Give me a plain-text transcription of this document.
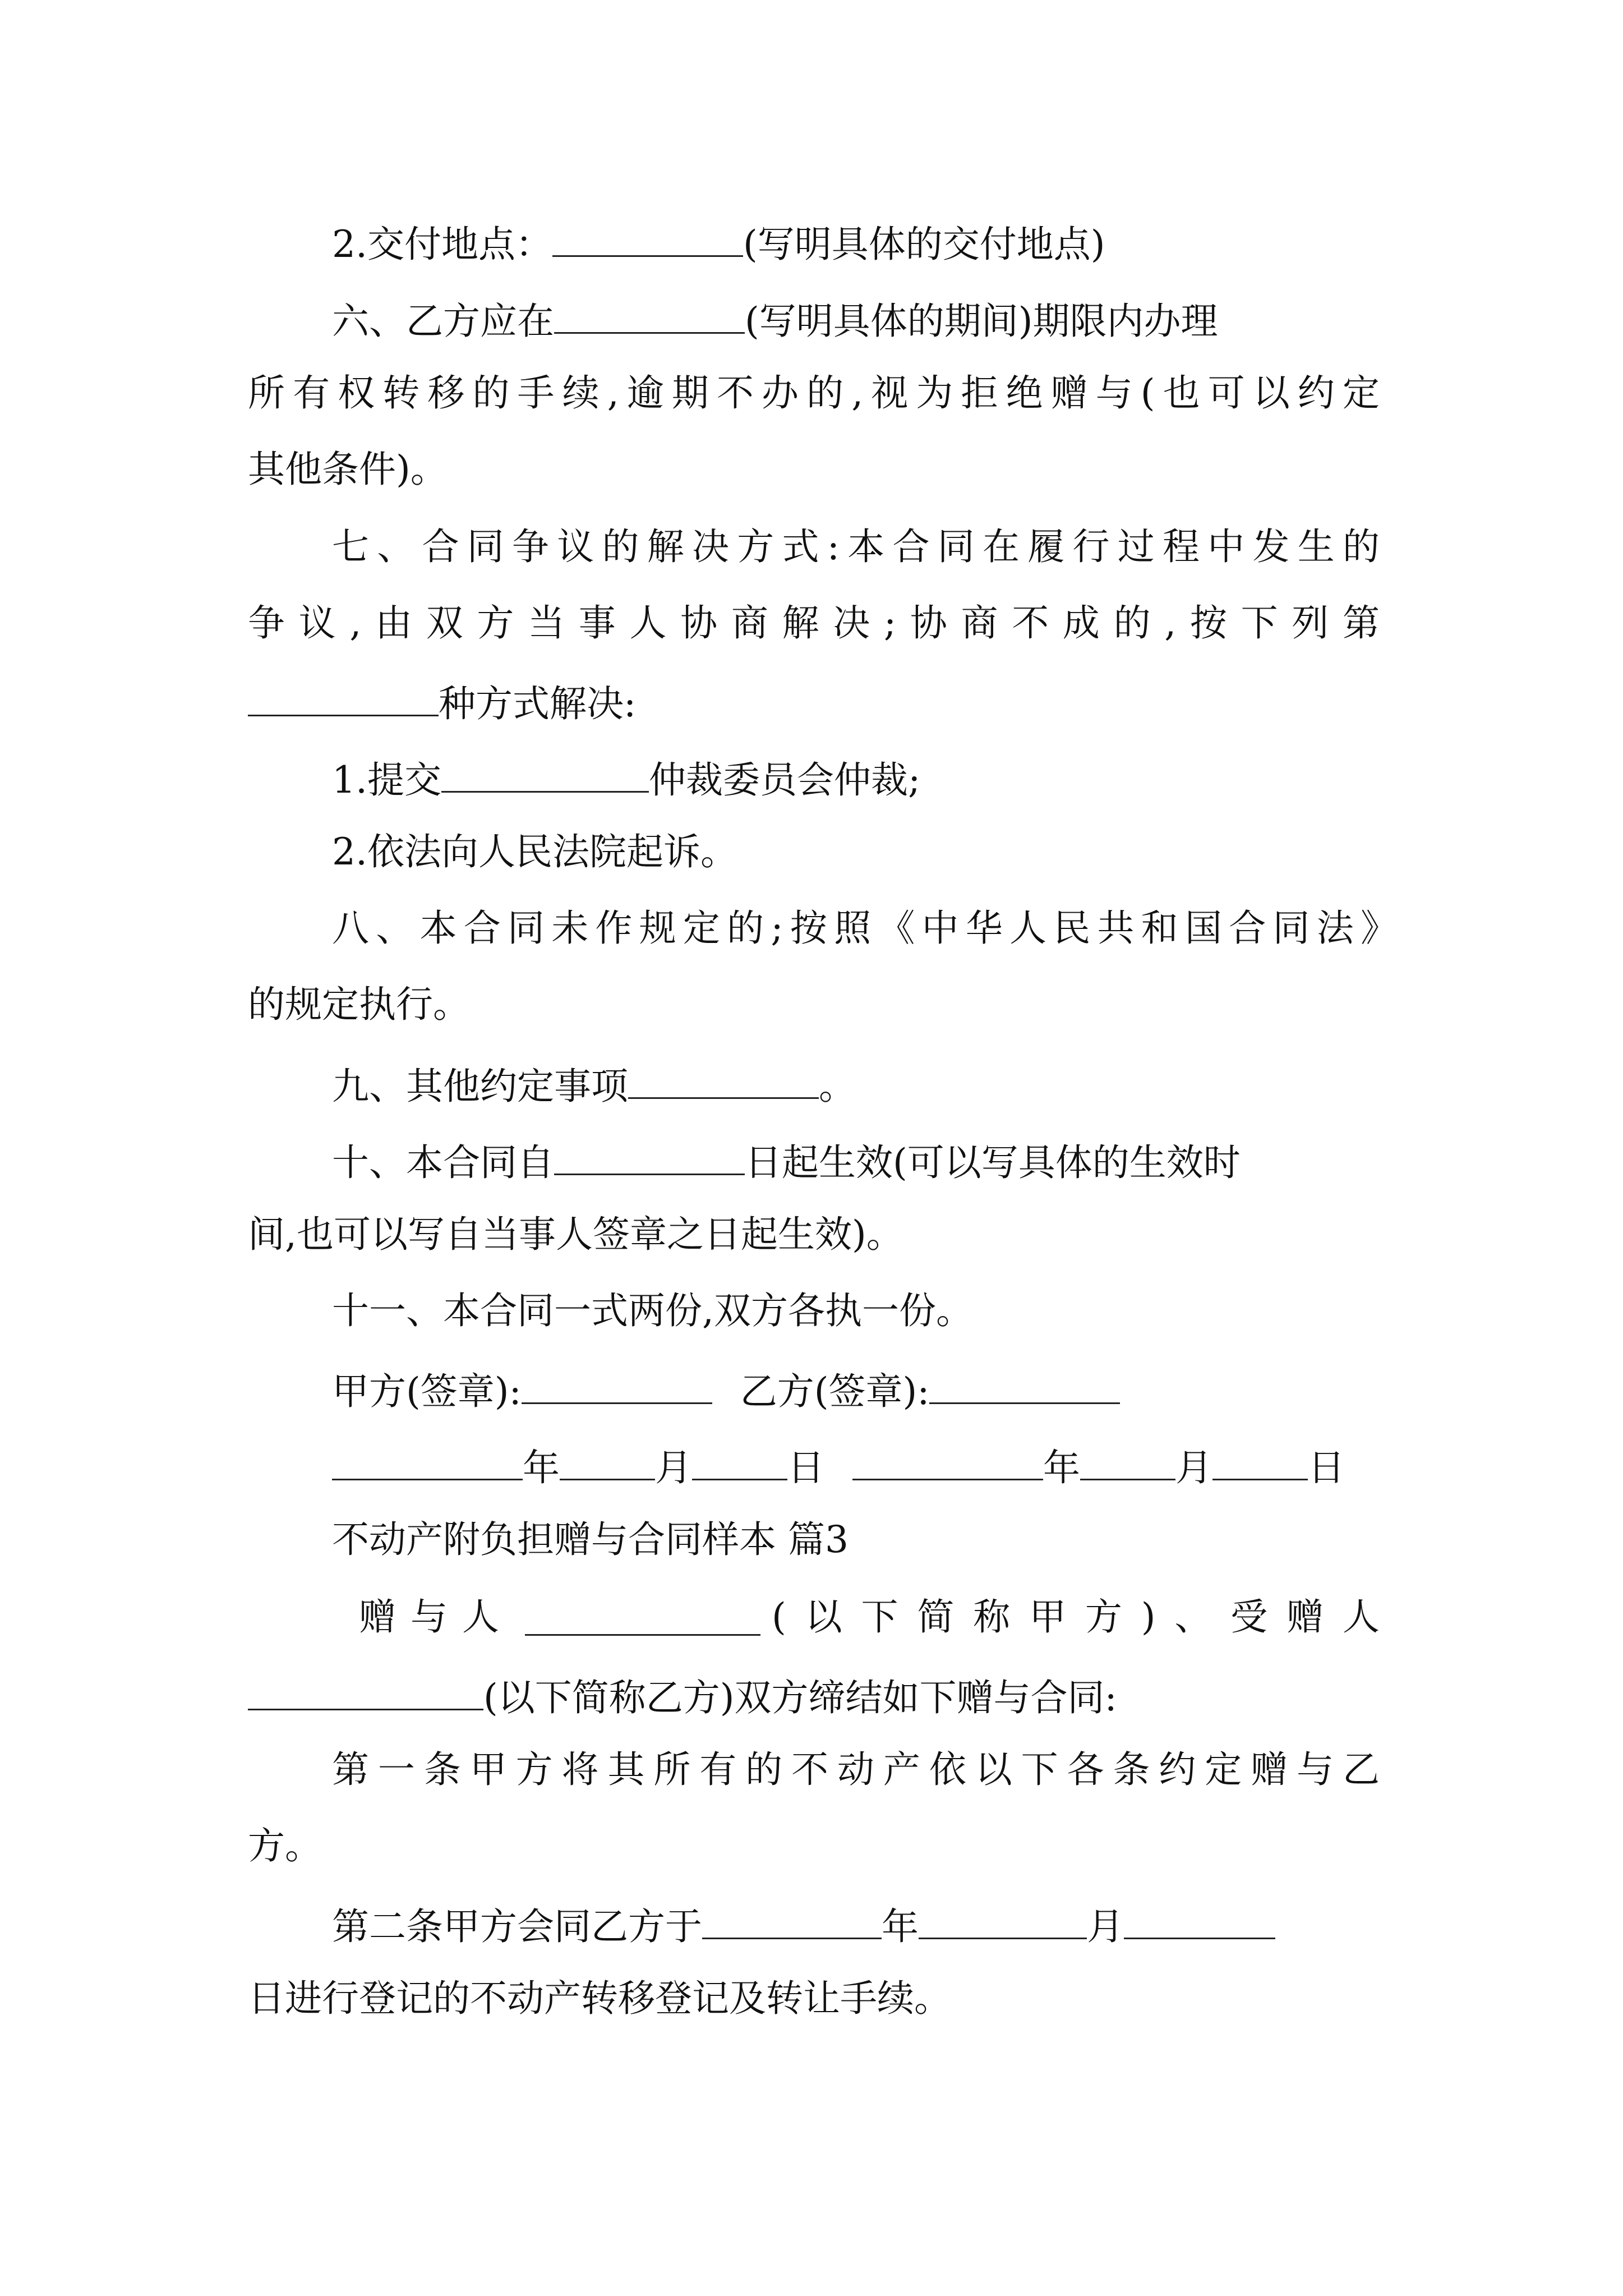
2.交付地点：	(写明具体的交付地点)
六、乙方应在	(写明具体的期间)期限内办理
所有权转移的手续,逾期不办的,视为拒绝赠与(也可以约定
其他条件)。
七、合同争议的解决方式:本合同在履行过程中发生的
争议,由双方当事人协商解决;协商不成的,按下列第
种方式解决:
1.提交	仲裁委员会仲裁;
2.依法向人民法院起诉。
八、本合同未作规定的;按照《中华人民共和国合同法》
的规定执行。
九、其他约定事项	。
十、本合同自	日起生效(可以写具体的生效时
间,也可以写自当事人签章之日起生效)。
十一、本合同一式两份,双方各执一份。
甲方(签章):	乙方(签章):
年	月	日	年	月	日
不动产附负担赠与合同样本 篇3
赠与人	(以下简称甲方)、受赠人
(以下简称乙方)双方缔结如下赠与合同:
第一条甲方将其所有的不动产依以下各条约定赠与乙
方。
第二条甲方会同乙方于	年	月
日进行登记的不动产转移登记及转让手续。
